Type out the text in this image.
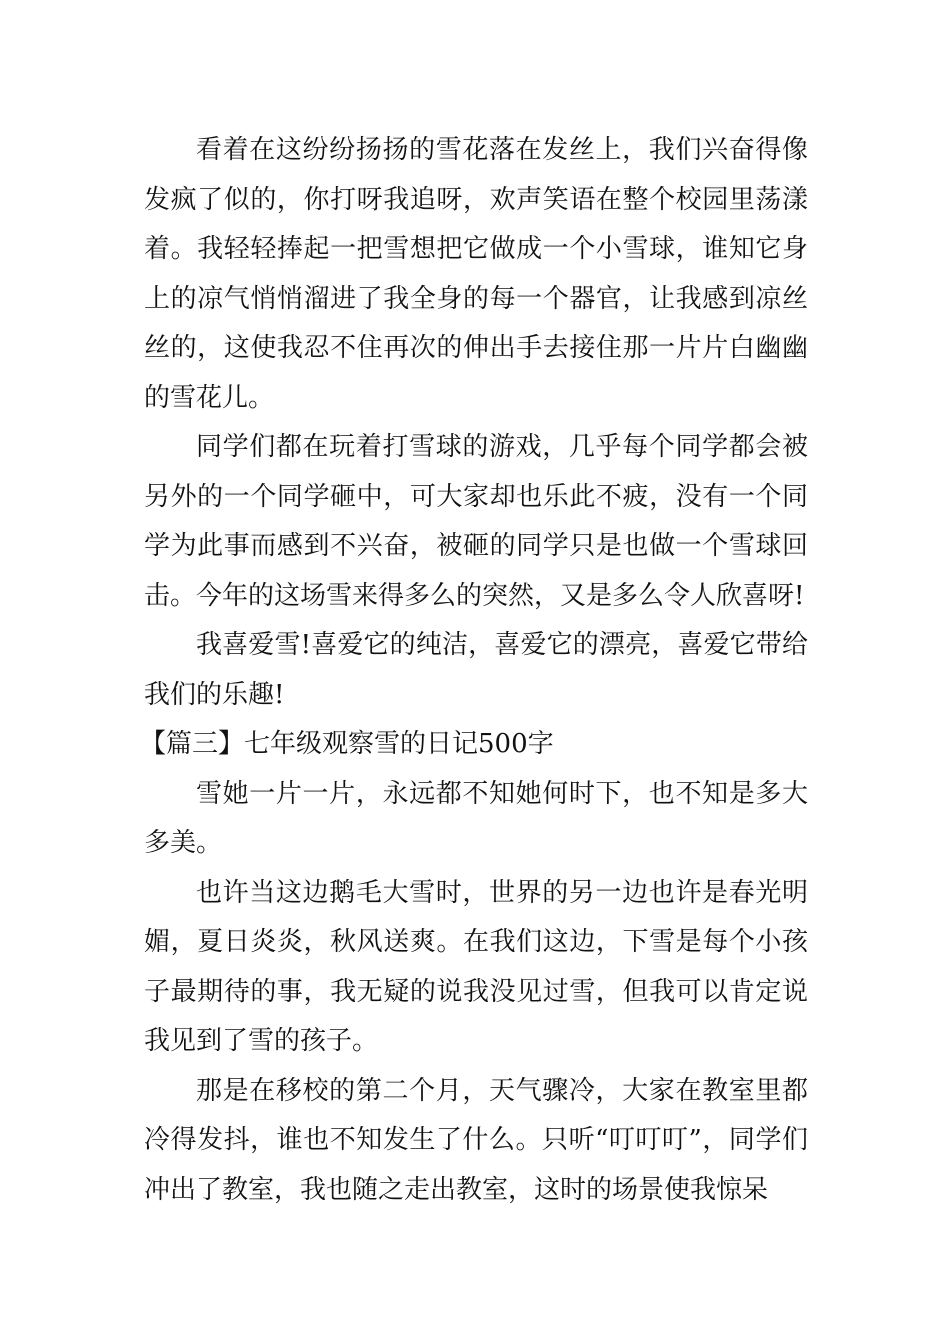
看着在这纷纷扬扬的雪花落在发丝上，我们兴奋得像发疯了似的，你打呀我追呀，欢声笑语在整个校园里荡漾着。我轻轻捧起一把雪想把它做成一个小雪球，谁知它身上的凉气悄悄溜进了我全身的每一个器官，让我感到凉丝丝的，这使我忍不住再次的伸出手去接住那一片片白幽幽的雪花儿。

同学们都在玩着打雪球的游戏，几乎每个同学都会被另外的一个同学砸中，可大家却也乐此不疲，没有一个同学为此事而感到不兴奋，被砸的同学只是也做一个雪球回击。今年的这场雪来得多么的突然，又是多么令人欣喜呀!

我喜爱雪!喜爱它的纯洁，喜爱它的漂亮，喜爱它带给我们的乐趣!

【篇三】七年级观察雪的日记500字

雪她一片一片，永远都不知她何时下，也不知是多大多美。

也许当这边鹅毛大雪时，世界的另一边也许是春光明媚，夏日炎炎，秋风送爽。在我们这边，下雪是每个小孩子最期待的事，我无疑的说我没见过雪，但我可以肯定说我见到了雪的孩子。

那是在移校的第二个月，天气骤冷，大家在教室里都冷得发抖，谁也不知发生了什么。只听“叮叮叮”，同学们冲出了教室，我也随之走出教室，这时的场景使我惊呆
